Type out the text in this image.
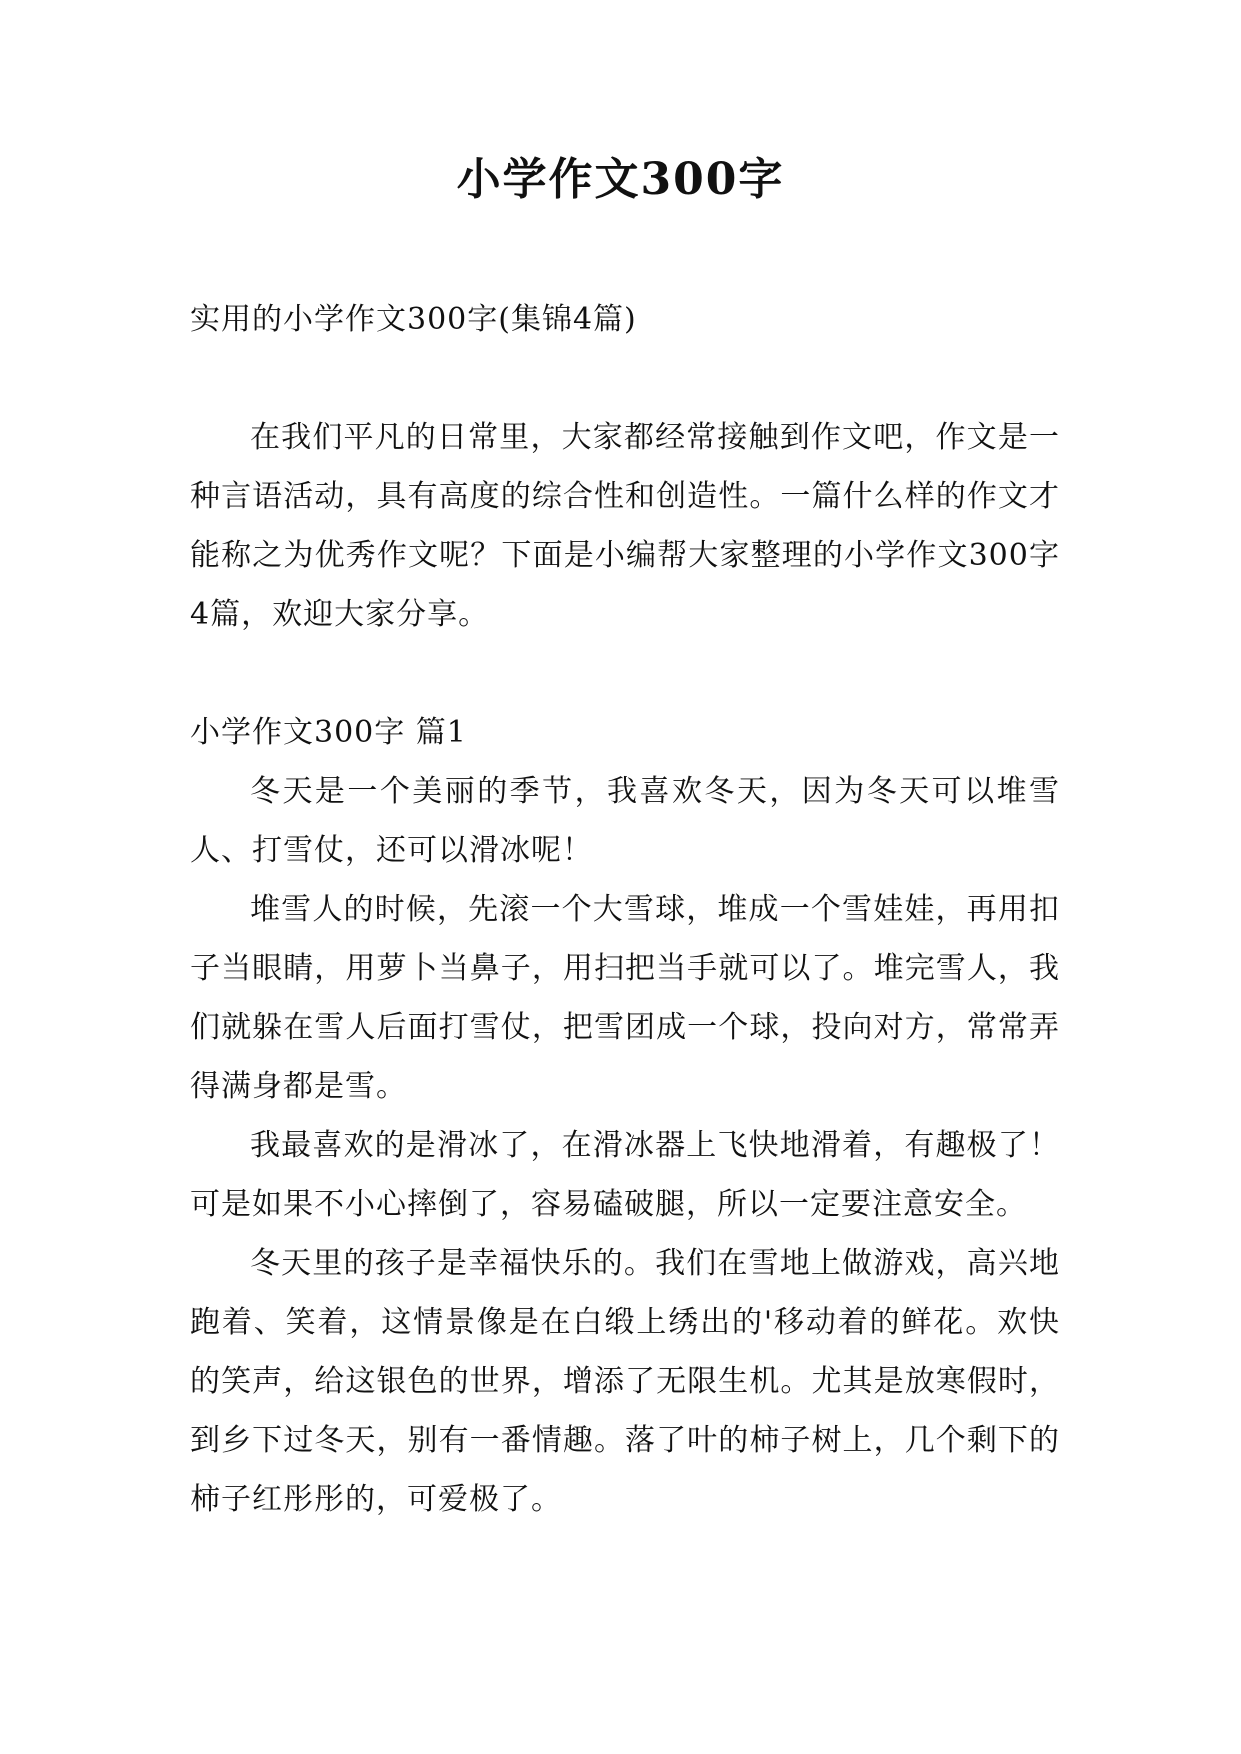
小学作文300字

实用的小学作文300字(集锦4篇)

在我们平凡的日常里，大家都经常接触到作文吧，作文是一种言语活动，具有高度的综合性和创造性。一篇什么样的作文才能称之为优秀作文呢？下面是小编帮大家整理的小学作文300字4篇，欢迎大家分享。

小学作文300字 篇1

冬天是一个美丽的季节，我喜欢冬天，因为冬天可以堆雪人、打雪仗，还可以滑冰呢！

堆雪人的时候，先滚一个大雪球，堆成一个雪娃娃，再用扣子当眼睛，用萝卜当鼻子，用扫把当手就可以了。堆完雪人，我们就躲在雪人后面打雪仗，把雪团成一个球，投向对方，常常弄得满身都是雪。

我最喜欢的是滑冰了，在滑冰器上飞快地滑着，有趣极了！可是如果不小心摔倒了，容易磕破腿，所以一定要注意安全。

冬天里的孩子是幸福快乐的。我们在雪地上做游戏，高兴地跑着、笑着，这情景像是在白缎上绣出的'移动着的鲜花。欢快的笑声，给这银色的世界，增添了无限生机。尤其是放寒假时，到乡下过冬天，别有一番情趣。落了叶的柿子树上，几个剩下的柿子红彤彤的，可爱极了。
